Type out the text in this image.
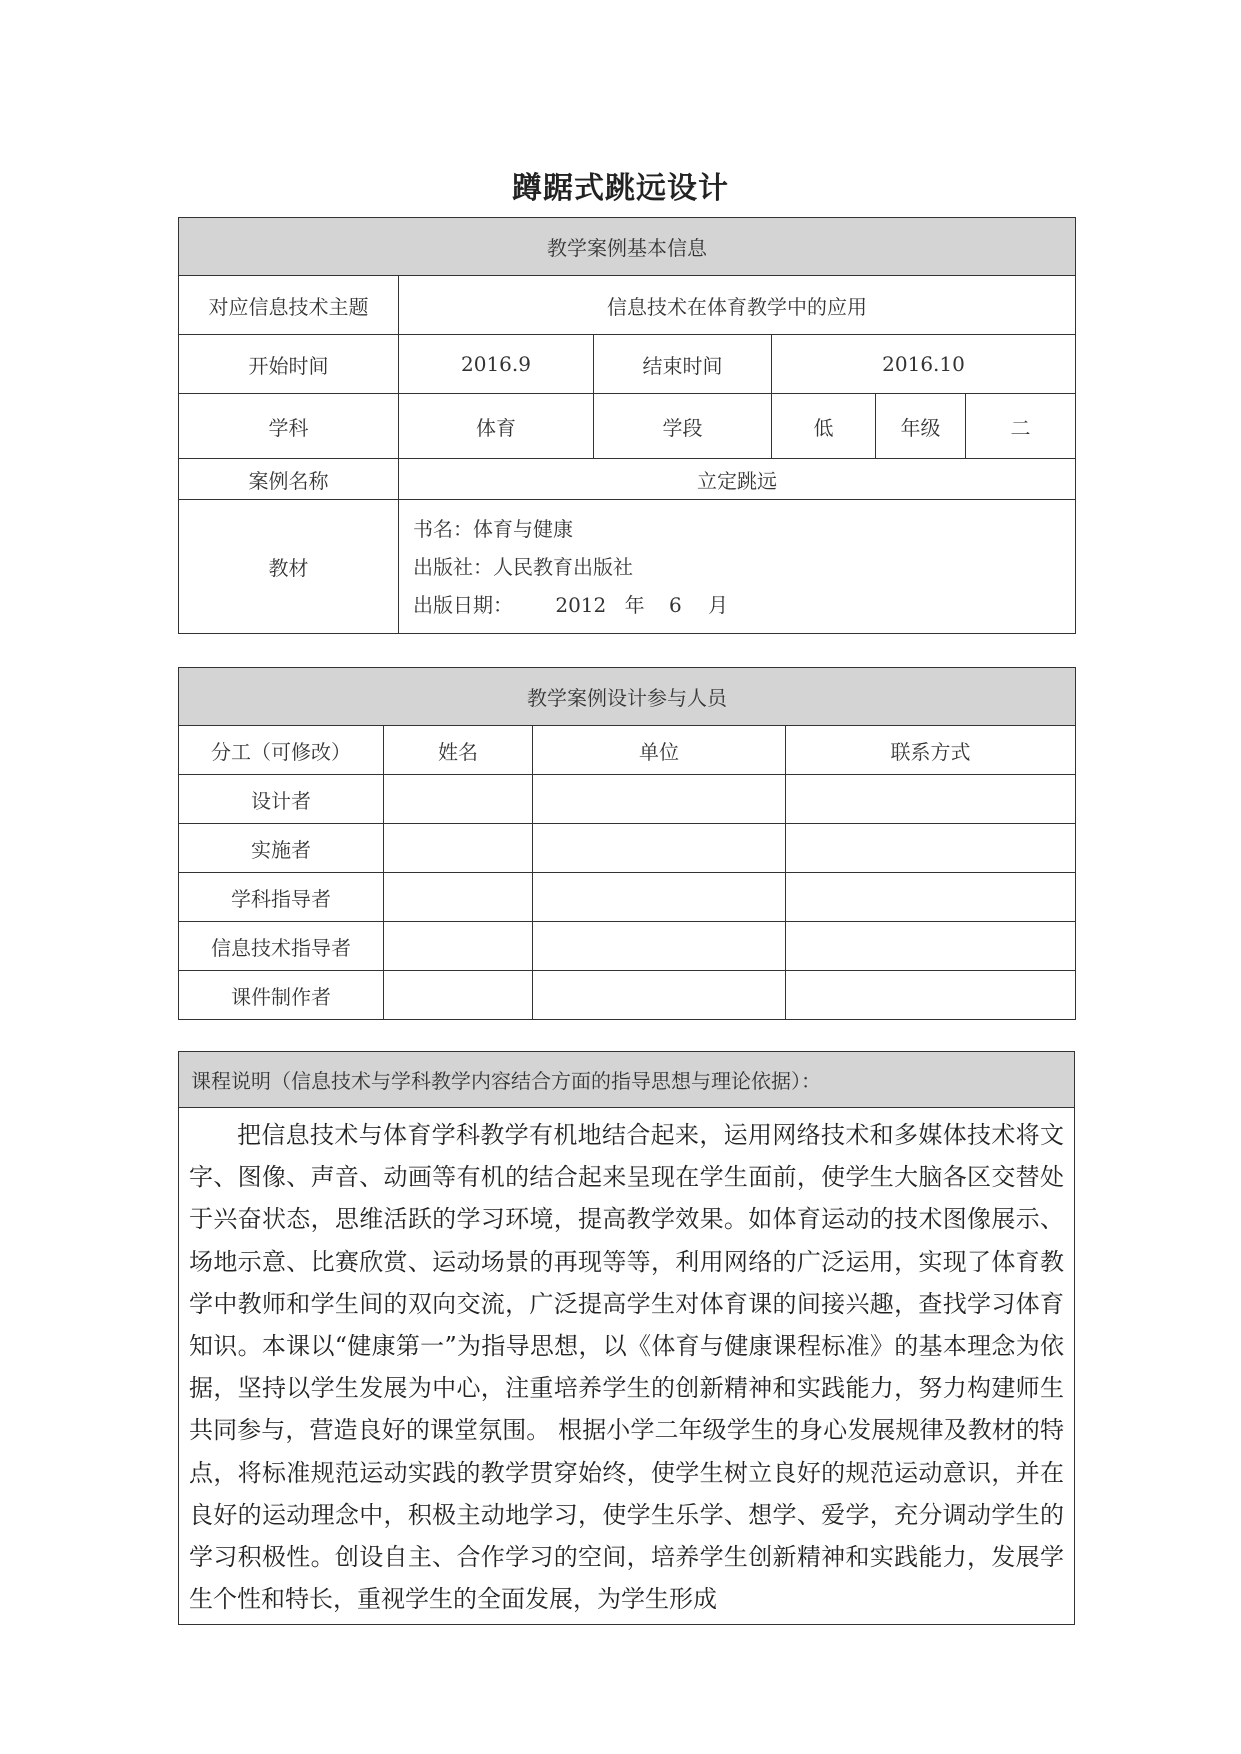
蹲踞式跳远设计
教学案例基本信息					
对应信息技术主题	信息技术在体育教学中的应用				
开始时间	2016.9	结束时间	2016.10		
学科	体育	学段	低	年级	二
案例名称	立定跳远				
教材	书名：体育与健康
出版社：人民教育出版社
出版日期： 2012 年 6 月				
教学案例设计参与人员			
分工（可修改）	姓名	单位	联系方式
设计者			
实施者			
学科指导者			
信息技术指导者			
课件制作者			
课程说明（信息技术与学科教学内容结合方面的指导思想与理论依据）：
把信息技术与体育学科教学有机地结合起来，运用网络技术和多媒体技术将文字、图像、声音、动画等有机的结合起来呈现在学生面前，使学生大脑各区交替处于兴奋状态，思维活跃的学习环境，提高教学效果。如体育运动的技术图像展示、场地示意、比赛欣赏、运动场景的再现等等，利用网络的广泛运用，实现了体育教学中教师和学生间的双向交流，广泛提高学生对体育课的间接兴趣，查找学习体育知识。本课以“健康第一”为指导思想，以《体育与健康课程标准》的基本理念为依据，坚持以学生发展为中心，注重培养学生的创新精神和实践能力，努力构建师生共同参与，营造良好的课堂氛围。 根据小学二年级学生的身心发展规律及教材的特点，将标准规范运动实践的教学贯穿始终，使学生树立良好的规范运动意识，并在良好的运动理念中，积极主动地学习，使学生乐学、想学、爱学，充分调动学生的学习积极性。创设自主、合作学习的空间，培养学生创新精神和实践能力，发展学生个性和特长，重视学生的全面发展，为学生形成
